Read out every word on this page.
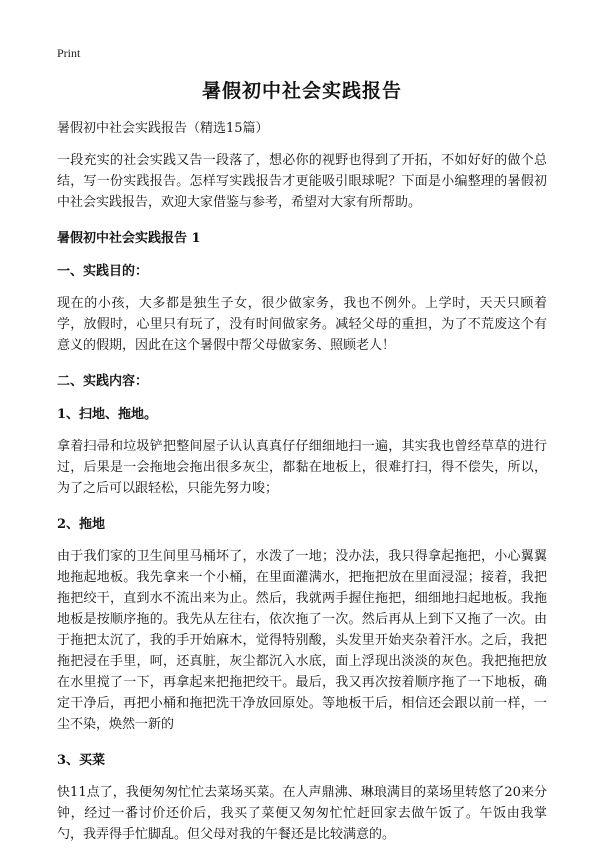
Print
暑假初中社会实践报告
暑假初中社会实践报告（精选15篇）

一段充实的社会实践又告一段落了，想必你的视野也得到了开拓，不如好好的做个总结，写一份实践报告。怎样写实践报告才更能吸引眼球呢？下面是小编整理的暑假初中社会实践报告，欢迎大家借鉴与参考，希望对大家有所帮助。

暑假初中社会实践报告 1
一、实践目的：

现在的小孩，大多都是独生子女，很少做家务，我也不例外。上学时，天天只顾着学，放假时，心里只有玩了，没有时间做家务。减轻父母的重担，为了不荒废这个有意义的假期，因此在这个暑假中帮父母做家务、照顾老人！

二、实践内容：
1、扫地、拖地。

拿着扫帚和垃圾铲把整间屋子认认真真仔仔细细地扫一遍，其实我也曾经草草的进行过，后果是一会拖地会拖出很多灰尘，都黏在地板上，很难打扫，得不偿失，所以，为了之后可以跟轻松，只能先努力唆；

2、拖地

由于我们家的卫生间里马桶坏了，水泼了一地；没办法，我只得拿起拖把，小心翼翼地拖起地板。我先拿来一个小桶，在里面灌满水，把拖把放在里面浸湿；接着，我把拖把绞干，直到水不流出来为止。然后，我就两手握住拖把，细细地扫起地板。我拖地板是按顺序拖的。我先从左往右，依次拖了一次。然后再从上到下又拖了一次。由于拖把太沉了，我的手开始麻木，觉得特别酸，头发里开始夹杂着汗水。之后，我把拖把浸在手里，呵，还真脏，灰尘都沉入水底，面上浮现出淡淡的灰色。我把拖把放在水里搅了一下，再拿起来把拖把绞干。最后，我又再次按着顺序拖了一下地板，确定干净后，再把小桶和拖把洗干净放回原处。等地板干后，相信还会跟以前一样，一尘不染，焕然一新的

3、买菜

快11点了，我便匆匆忙忙去菜场买菜。在人声鼎沸、琳琅满目的菜场里转悠了20来分钟，经过一番讨价还价后，我买了菜便又匆匆忙忙赶回家去做午饭了。午饭由我掌勺，我弄得手忙脚乱。但父母对我的午餐还是比较满意的。
